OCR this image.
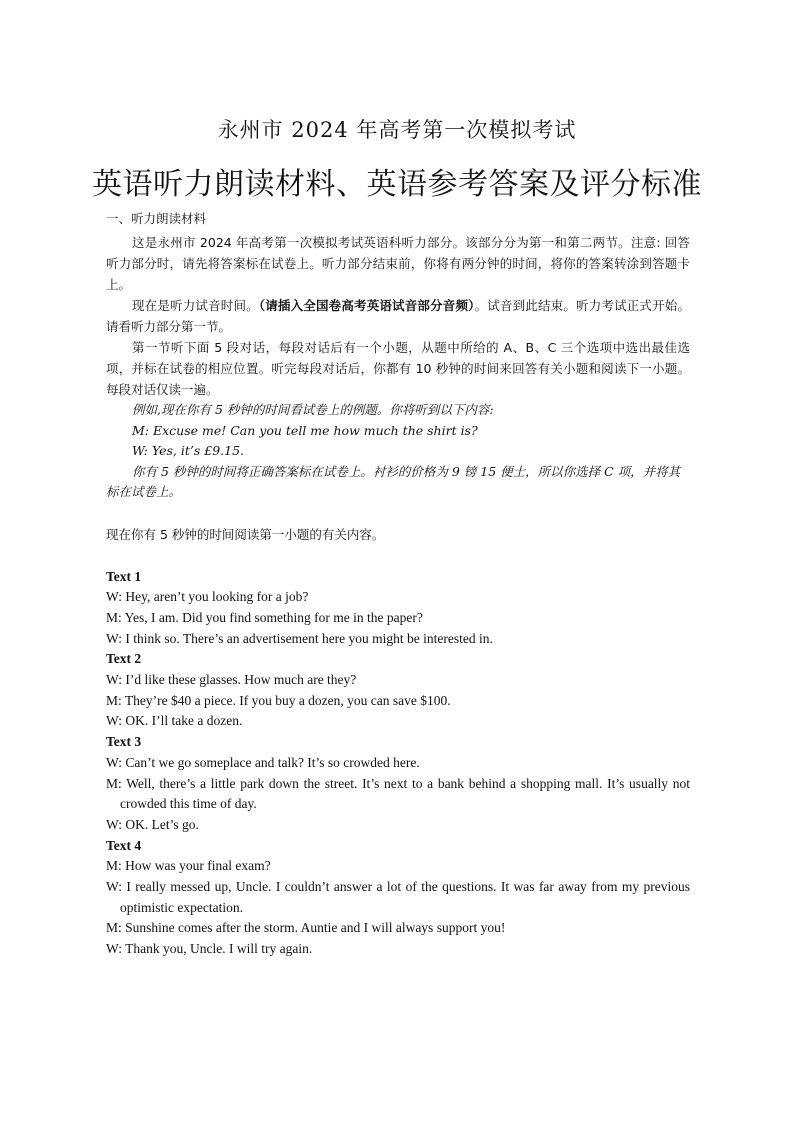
永州市 2024 年高考第一次模拟考试
英语听力朗读材料、英语参考答案及评分标准
一、听力朗读材料
这是永州市 2024 年高考第一次模拟考试英语科听力部分。该部分分为第一和第二两节。注意: 回答听力部分时，请先将答案标在试卷上。听力部分结束前，你将有两分钟的时间，将你的答案转涂到答题卡上。
现在是听力试音时间。（请插入全国卷高考英语试音部分音频）。试音到此结束。听力考试正式开始。请看听力部分第一节。
第一节听下面 5 段对话，每段对话后有一个小题，从题中所给的 A、B、C 三个选项中选出最佳选项，并标在试卷的相应位置。听完每段对话后，你都有 10 秒钟的时间来回答有关小题和阅读下一小题。每段对话仅读一遍。
例如,现在你有 5 秒钟的时间看试卷上的例题。你将听到以下内容:
M: Excuse me! Can you tell me how much the shirt is?
W: Yes, it’s £9.15.
你有 5 秒钟的时间将正确答案标在试卷上。衬衫的价格为 9 镑 15 便士，所以你选择 C 项，并将其标在试卷上。
现在你有 5 秒钟的时间阅读第一小题的有关内容。
Text 1
W: Hey, aren’t you looking for a job?
M: Yes, I am. Did you find something for me in the paper?
W: I think so. There’s an advertisement here you might be interested in.
Text 2
W: I’d like these glasses. How much are they?
M: They’re $40 a piece. If you buy a dozen, you can save $100.
W: OK. I’ll take a dozen.
Text 3
W: Can’t we go someplace and talk? It’s so crowded here.
M: Well, there’s a little park down the street. It’s next to a bank behind a shopping mall. It’s usually not crowded this time of day.
W: OK. Let’s go.
Text 4
M: How was your final exam?
W: I really messed up, Uncle. I couldn’t answer a lot of the questions. It was far away from my previous optimistic expectation.
M: Sunshine comes after the storm. Auntie and I will always support you!
W: Thank you, Uncle. I will try again.
